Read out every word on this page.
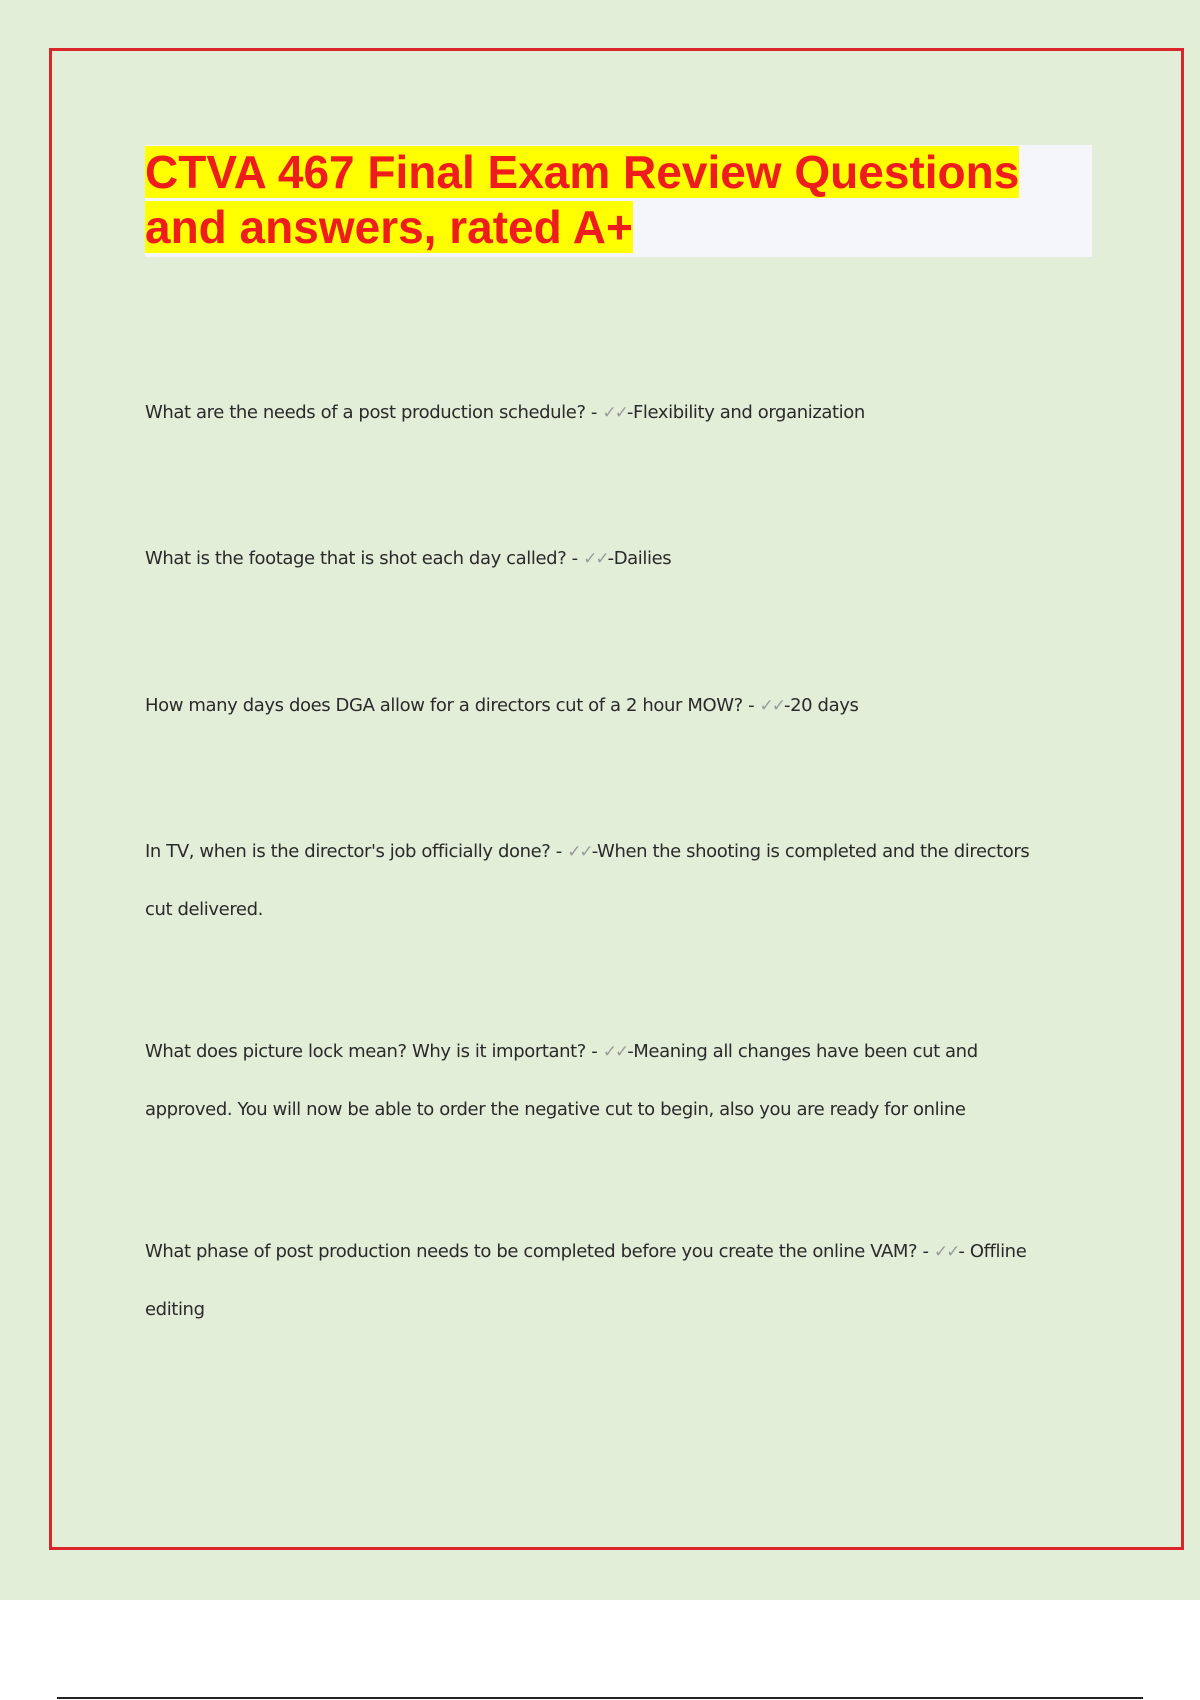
CTVA 467 Final Exam Review Questions and answers, rated A+

What are the needs of a post production schedule? - ✓✓-Flexibility and organization

What is the footage that is shot each day called? - ✓✓-Dailies

How many days does DGA allow for a directors cut of a 2 hour MOW? - ✓✓-20 days

In TV, when is the director's job officially done? - ✓✓-When the shooting is completed and the directors cut delivered.

What does picture lock mean? Why is it important? - ✓✓-Meaning all changes have been cut and approved. You will now be able to order the negative cut to begin, also you are ready for online

What phase of post production needs to be completed before you create the online VAM? - ✓✓- Offline editing
